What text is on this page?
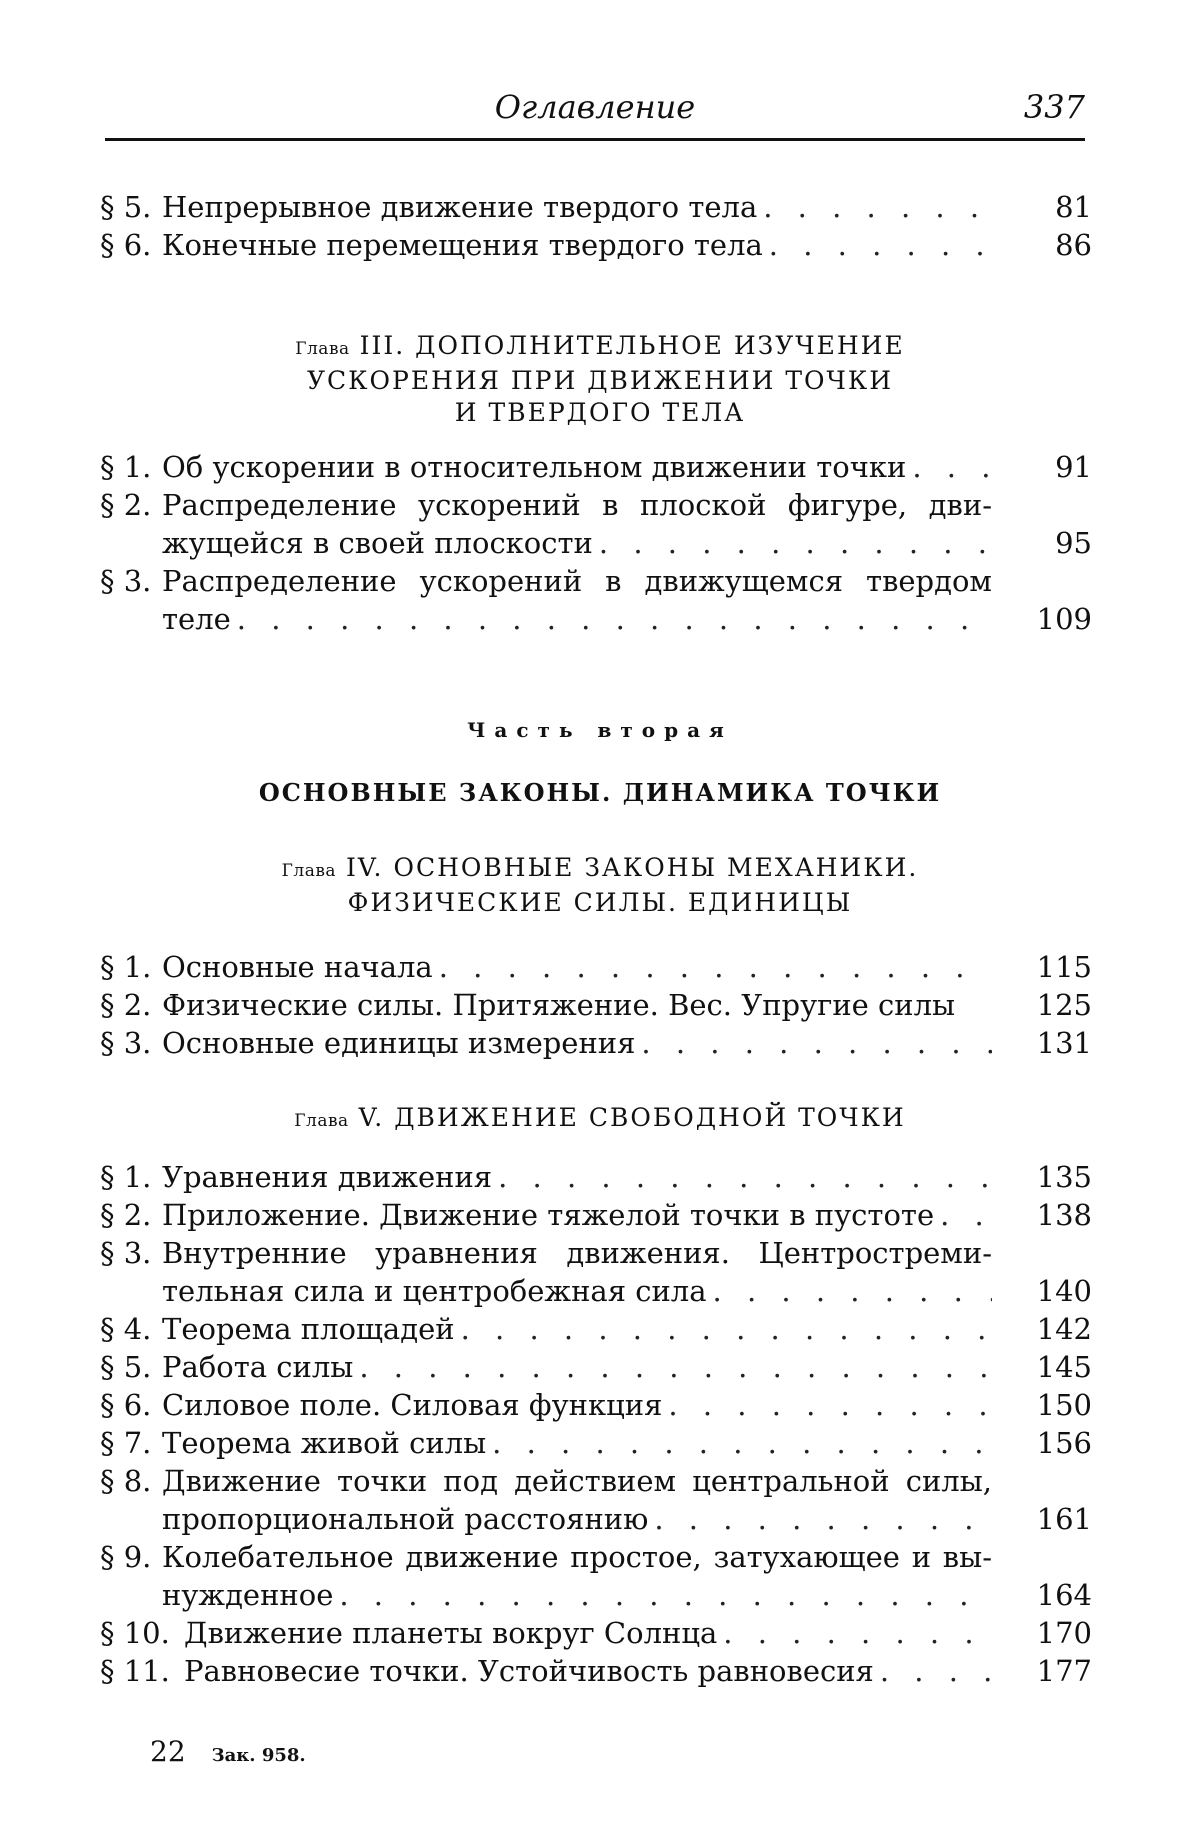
Оглавление	337
§ 5. Непрерывное движение твердого тела . . .	81
§ 6. Конечные перемещения твердого тела . . .	86
Глава III. ДОПОЛНИТЕЛЬНОЕ ИЗУЧЕНИЕ
УСКОРЕНИЯ ПРИ ДВИЖЕНИИ ТОЧКИ
И ТВЕРДОГО ТЕЛА
§ 1. Об ускорении в относительном движении точки . . .	91
§ 2. Распределение ускорений в плоской фигуре, дви-
жущейся в своей плоскости . . .	95
§ 3. Распределение ускорений в движущемся твердом
теле . . .	109
Часть вторая
ОСНОВНЫЕ ЗАКОНЫ. ДИНАМИКА ТОЧКИ
Глава IV. ОСНОВНЫЕ ЗАКОНЫ МЕХАНИКИ.
ФИЗИЧЕСКИЕ СИЛЫ. ЕДИНИЦЫ
§ 1. Основные начала . . .	115
§ 2. Физические силы. Притяжение. Вес. Упругие силы	125
§ 3. Основные единицы измерения . . .	131
Глава V. ДВИЖЕНИЕ СВОБОДНОЙ ТОЧКИ
§ 1. Уравнения движения . . .	135
§ 2. Приложение. Движение тяжелой точки в пустоте . . .	138
§ 3. Внутренние уравнения движения. Центростреми-
тельная сила и центробежная сила . . .	140
§ 4. Теорема площадей . . .	142
§ 5. Работа силы . . .	145
§ 6. Силовое поле. Силовая функция . . .	150
§ 7. Теорема живой силы . . .	156
§ 8. Движение точки под действием центральной силы,
пропорциональной расстоянию . . .	161
§ 9. Колебательное движение простое, затухающее и вы-
нужденное . . .	164
§ 10. Движение планеты вокруг Солнца . . .	170
§ 11. Равновесие точки. Устойчивость равновесия . . .	177
22 Зак. 958.
